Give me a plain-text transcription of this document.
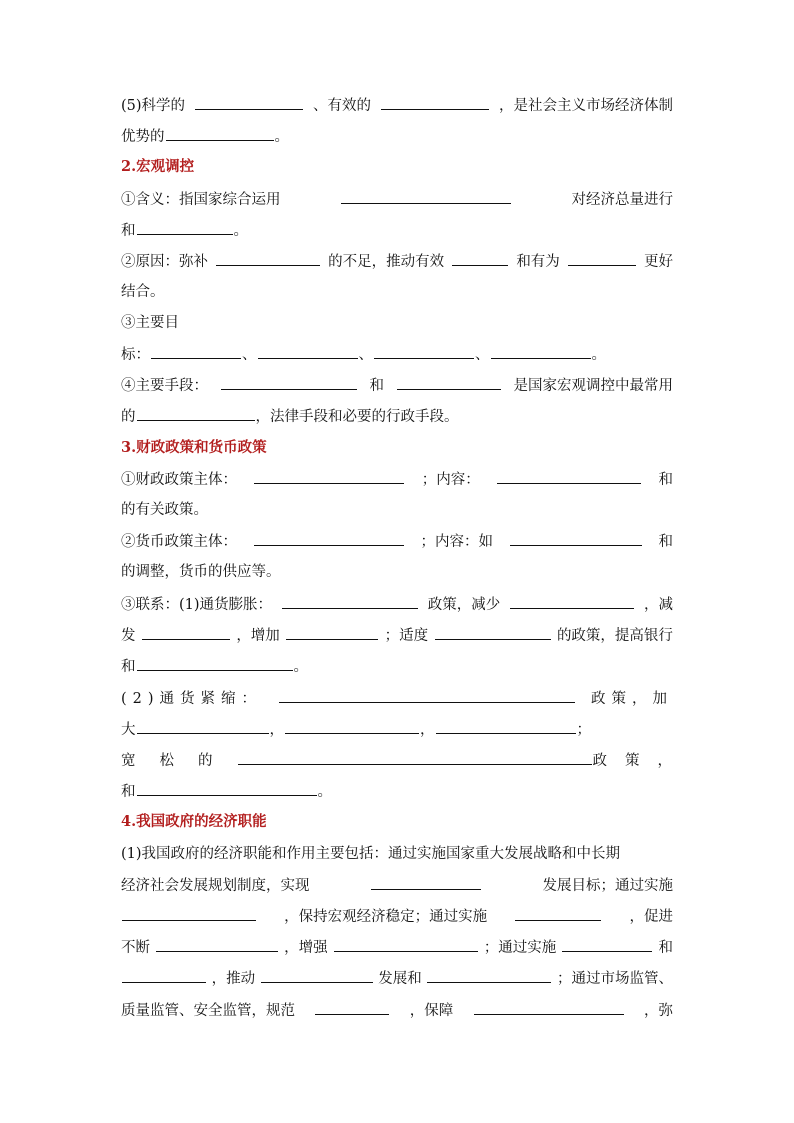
(5)科学的	、有效的	，是社会主义市场经济体制
优势的	。
2.宏观调控
①含义：指国家综合运用	对经济总量进行
和	。
②原因：弥补	的不足，推动有效	和有为	更好
结合。
③主要目
标：	、	、	、	。
④主要手段：	和	是国家宏观调控中最常用
的	，法律手段和必要的行政手段。
3.财政政策和货币政策
①财政政策主体：	；内容：	和
的有关政策。
②货币政策主体：	；内容：如	和
的调整，货币的供应等。
③联系：(1)通货膨胀：	政策，减少	，减
发	，增加	；适度	的政策，提高银行
和	。
(2)通货紧缩：	政策，加
大	，	，	；
宽松的	政策，
和	。
4.我国政府的经济职能
(1)我国政府的经济职能和作用主要包括：通过实施国家重大发展战略和中长期
经济社会发展规划制度，实现	发展目标；通过实施
，保持宏观经济稳定；通过实施	，促进
不断	，增强	；通过实施	和
，推动	发展和	；通过市场监管、
质量监管、安全监管，规范	，保障	，弥
